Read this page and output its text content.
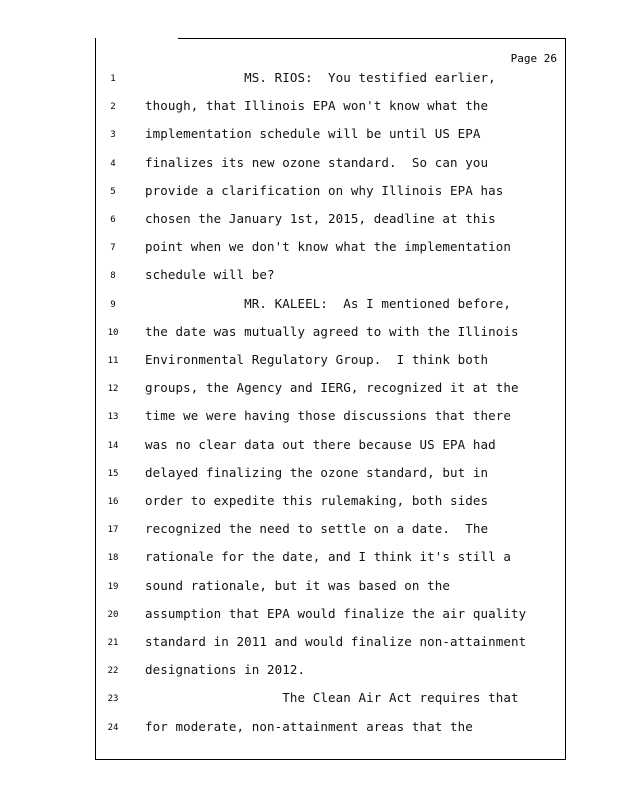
Page 26
1	MS. RIOS:  You testified earlier,
2	though, that Illinois EPA won't know what the
3	implementation schedule will be until US EPA
4	finalizes its new ozone standard.  So can you
5	provide a clarification on why Illinois EPA has
6	chosen the January 1st, 2015, deadline at this
7	point when we don't know what the implementation
8	schedule will be?
9	MR. KALEEL:  As I mentioned before,
10	the date was mutually agreed to with the Illinois
11	Environmental Regulatory Group.  I think both
12	groups, the Agency and IERG, recognized it at the
13	time we were having those discussions that there
14	was no clear data out there because US EPA had
15	delayed finalizing the ozone standard, but in
16	order to expedite this rulemaking, both sides
17	recognized the need to settle on a date.  The
18	rationale for the date, and I think it's still a
19	sound rationale, but it was based on the
20	assumption that EPA would finalize the air quality
21	standard in 2011 and would finalize non-attainment
22	designations in 2012.
23	The Clean Air Act requires that
24	for moderate, non-attainment areas that the
